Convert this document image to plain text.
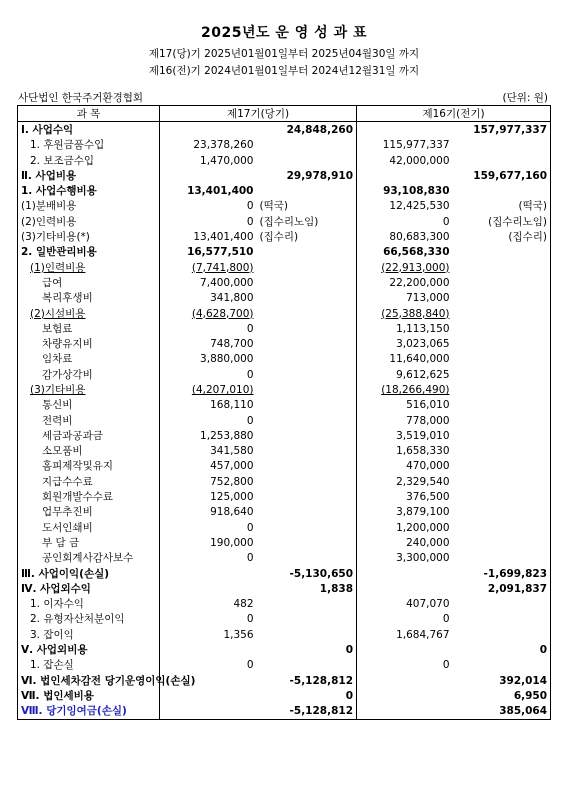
2025년도 운 영 성 과 표
제17(당)기 2025년01월01일부터 2025년04월30일 까지
제16(전)기 2024년01월01일부터 2024년12월31일 까지
사단법인 한국주거환경협회	(단위: 원)
과 목	제17기(당기)		제16기(전기)	
Ⅰ. 사업수익		24,848,260		157,977,337
1. 후원금품수입	23,378,260		115,977,337	
2. 보조금수입	1,470,000		42,000,000	
Ⅱ. 사업비용		29,978,910		159,677,160
1. 사업수행비용	13,401,400		93,108,830	
(1)분배비용	0	(떡국)	12,425,530	(떡국)
(2)인력비용	0	(집수리노임)	0	(집수리노임)
(3)기타비용(*)	13,401,400	(집수리)	80,683,300	(집수리)
2. 일반관리비용	16,577,510		66,568,330	
(1)인력비용	(7,741,800)		(22,913,000)	
급여	7,400,000		22,200,000	
복리후생비	341,800		713,000	
(2)시설비용	(4,628,700)		(25,388,840)	
보험료	0		1,113,150	
차량유지비	748,700		3,023,065	
임차료	3,880,000		11,640,000	
감가상각비	0		9,612,625	
(3)기타비용	(4,207,010)		(18,266,490)	
통신비	168,110		516,010	
전력비	0		778,000	
세금과공과금	1,253,880		3,519,010	
소모품비	341,580		1,658,330	
홈피제작및유지	457,000		470,000	
지급수수료	752,800		2,329,540	
회원개발수수료	125,000		376,500	
업무추진비	918,640		3,879,100	
도서인쇄비	0		1,200,000	
부 담 금	190,000		240,000	
공인회계사감사보수	0		3,300,000	
Ⅲ. 사업이익(손실)		-5,130,650		-1,699,823
Ⅳ. 사업외수익		1,838		2,091,837
1. 이자수익	482		407,070	
2. 유형자산처분이익	0		0	
3. 잡이익	1,356		1,684,767	
Ⅴ. 사업외비용		0		0
1. 잡손실	0		0	
Ⅵ. 법인세차감전 당기운영이익(손실)		-5,128,812		392,014
Ⅶ. 법인세비용		0		6,950
Ⅷ. 당기잉여금(손실)		-5,128,812		385,064
